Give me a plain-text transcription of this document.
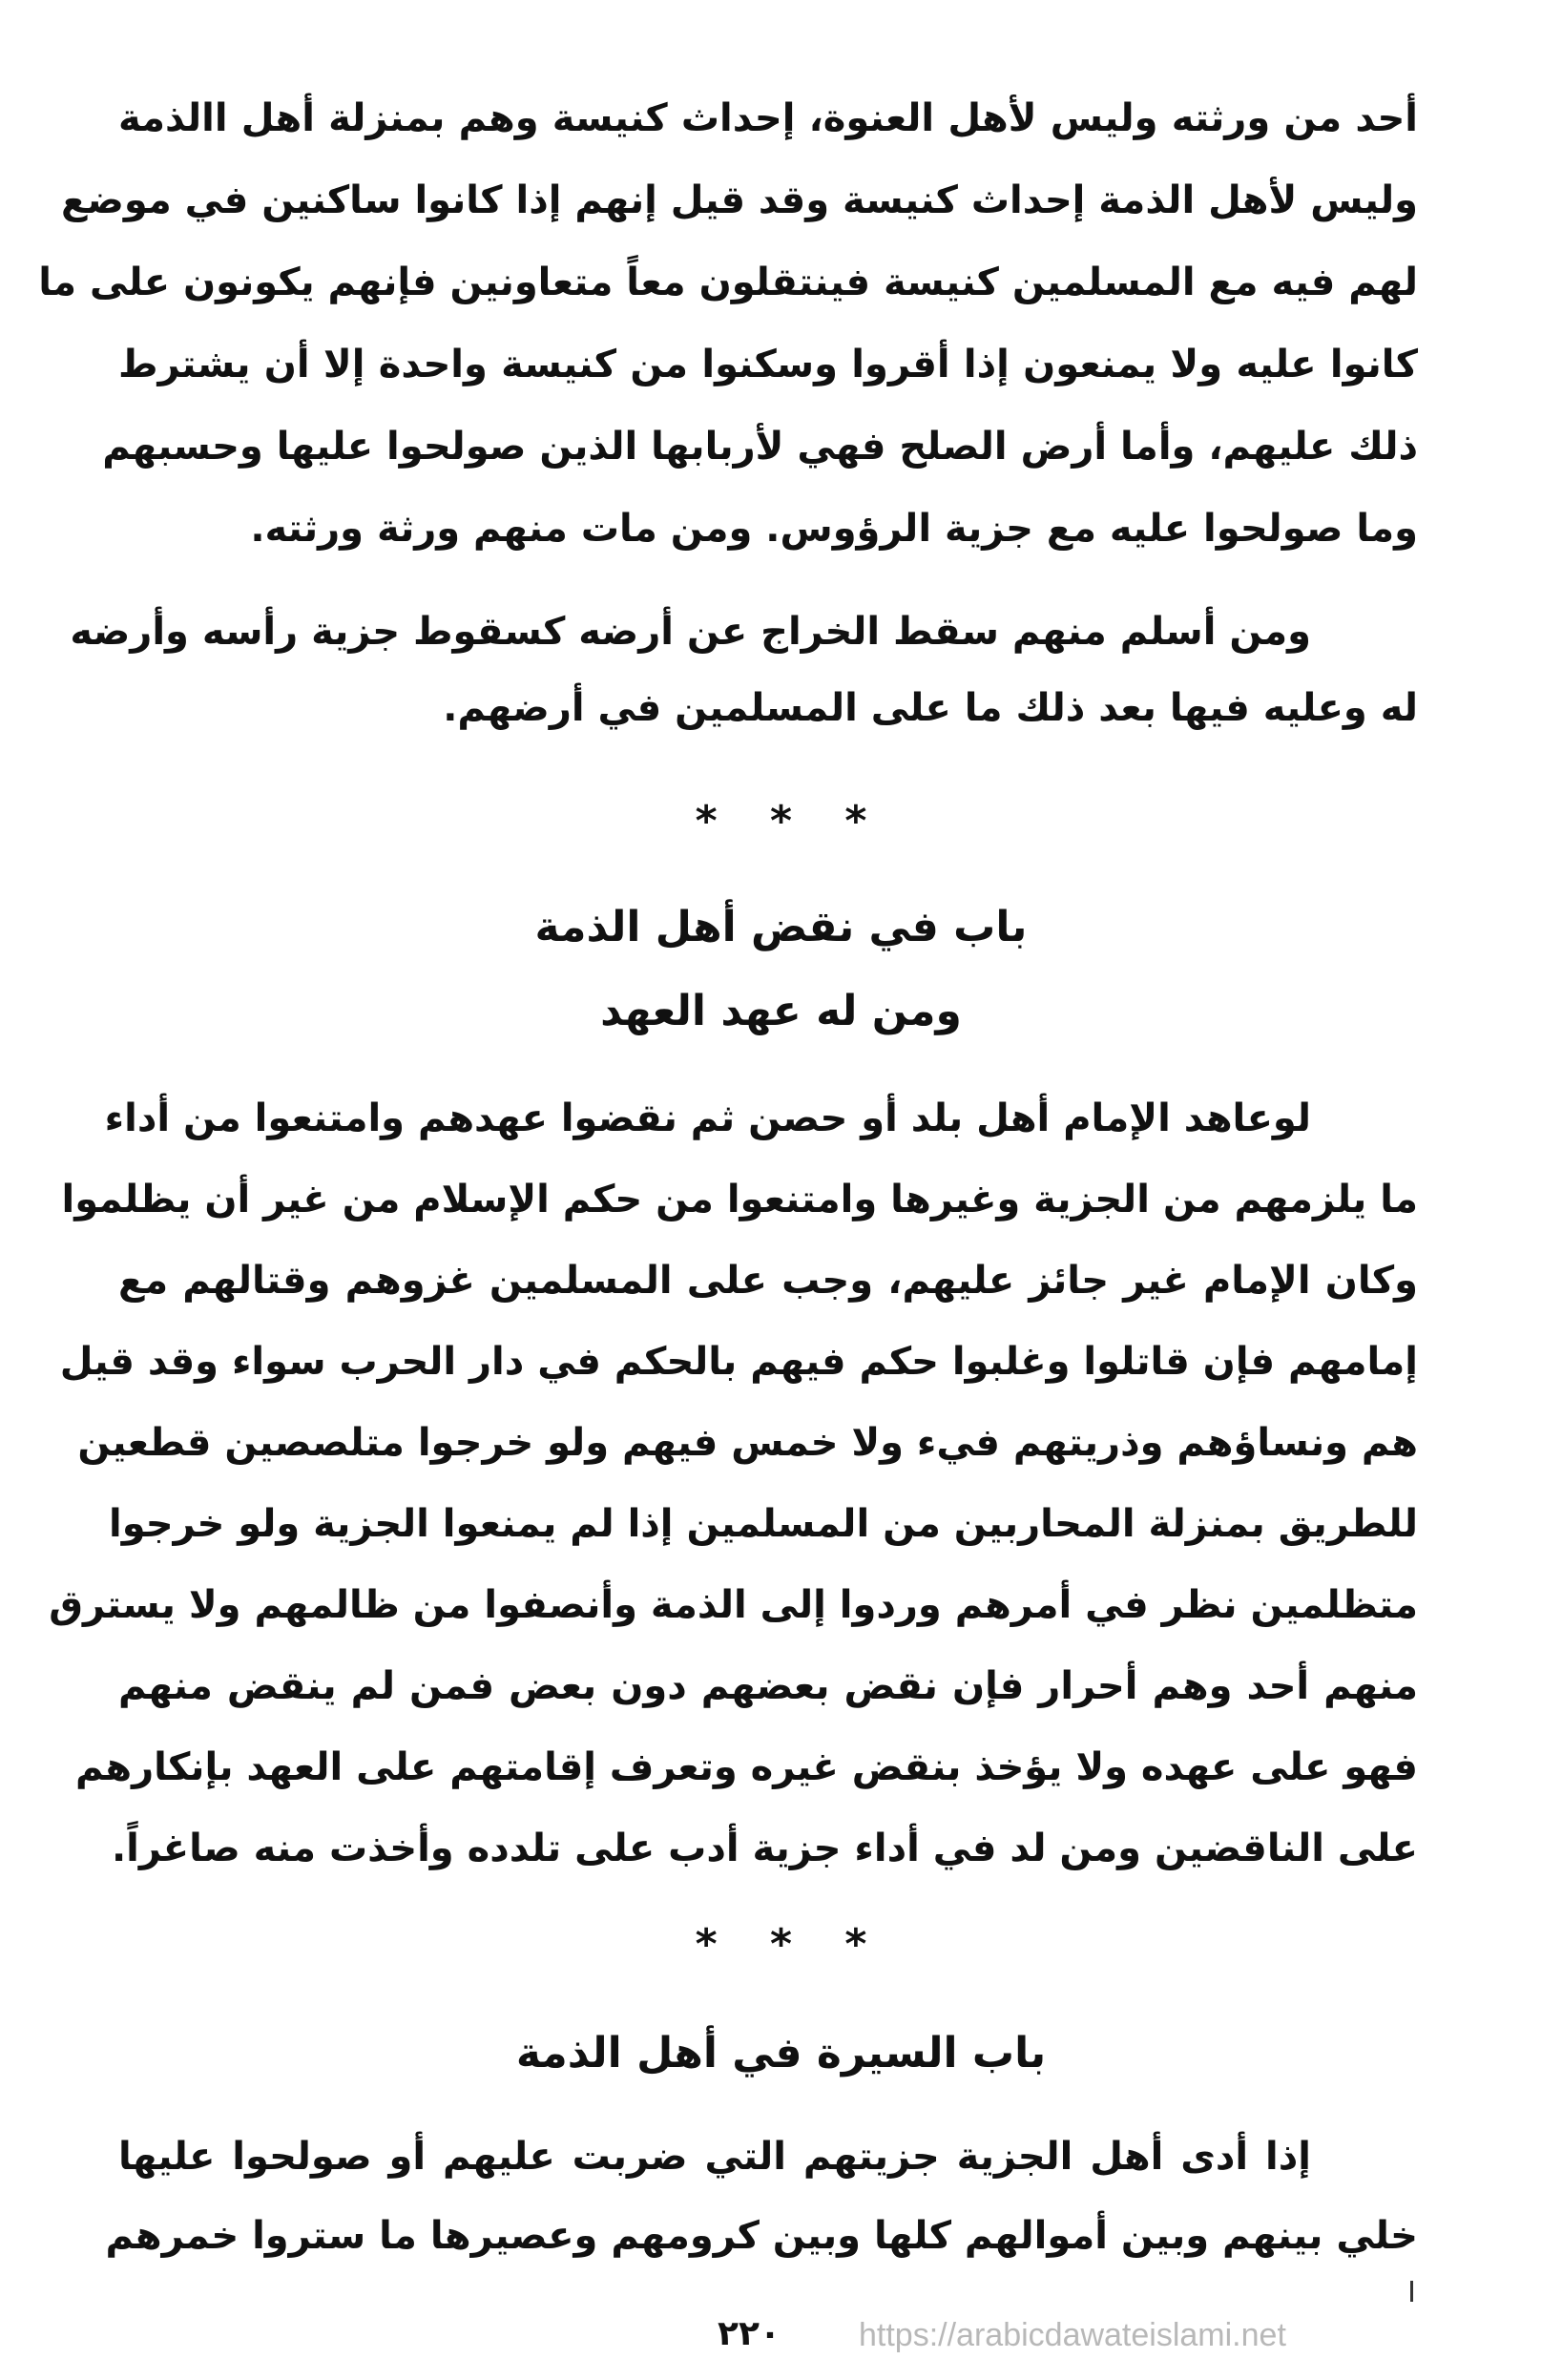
أحد من ورثته وليس لأهل العنوة، إحداث كنيسة وهم بمنزلة أهل االذمة
وليس لأهل الذمة إحداث كنيسة وقد قيل إنهم إذا كانوا ساكنين في موضع
لهم فيه مع المسلمين كنيسة فينتقلون معاً متعاونين فإنهم يكونون على ما
كانوا عليه ولا يمنعون إذا أقروا وسكنوا من كنيسة واحدة إلا أن يشترط
ذلك عليهم، وأما أرض الصلح فهي لأربابها الذين صولحوا عليها وحسبهم
وما صولحوا عليه مع جزية الرؤوس. ومن مات منهم ورثة ورثته.
ومن أسلم منهم سقط الخراج عن أرضه كسقوط جزية رأسه وأرضه
له وعليه فيها بعد ذلك ما على المسلمين في أرضهم.
* * *
باب في نقض أهل الذمة
ومن له عهد العهد
لوعاهد الإمام أهل بلد أو حصن ثم نقضوا عهدهم وامتنعوا من أداء
ما يلزمهم من الجزية وغيرها وامتنعوا من حكم الإسلام من غير أن يظلموا
وكان الإمام غير جائز عليهم، وجب على المسلمين غزوهم وقتالهم مع
إمامهم فإن قاتلوا وغلبوا حكم فيهم بالحكم في دار الحرب سواء وقد قيل
هم ونساؤهم وذريتهم فيء ولا خمس فيهم ولو خرجوا متلصصين قطعين
للطريق بمنزلة المحاربين من المسلمين إذا لم يمنعوا الجزية ولو خرجوا
متظلمين نظر في أمرهم وردوا إلى الذمة وأنصفوا من ظالمهم ولا يسترق
منهم أحد وهم أحرار فإن نقض بعضهم دون بعض فمن لم ينقض منهم
فهو على عهده ولا يؤخذ بنقض غيره وتعرف إقامتهم على العهد بإنكارهم
على الناقضين ومن لد في أداء جزية أدب على تلدده وأخذت منه صاغراً.
* * *
باب السيرة في أهل الذمة
إذا أدى أهل الجزية جزيتهم التي ضربت عليهم أو صولحوا عليها
خلي بينهم وبين أموالهم كلها وبين كرومهم وعصيرها ما ستروا خمرهم
٢٢٠	https://arabicdawateislami.net
